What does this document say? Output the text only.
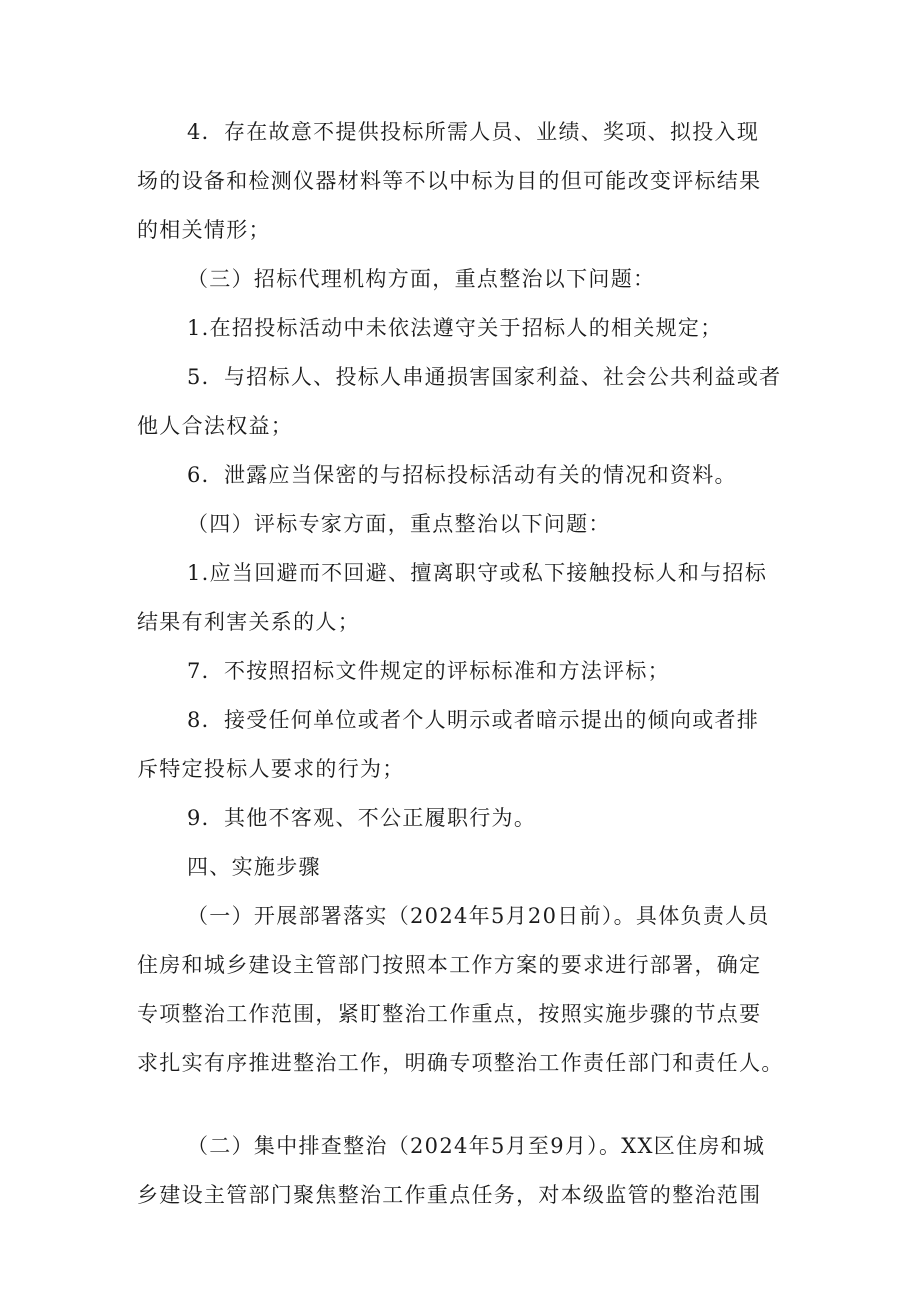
4．存在故意不提供投标所需人员、业绩、奖项、拟投入现
场的设备和检测仪器材料等不以中标为目的但可能改变评标结果
的相关情形；
（三）招标代理机构方面，重点整治以下问题：
1.在招投标活动中未依法遵守关于招标人的相关规定；
5．与招标人、投标人串通损害国家利益、社会公共利益或者
他人合法权益；
6．泄露应当保密的与招标投标活动有关的情况和资料。
（四）评标专家方面，重点整治以下问题：
1.应当回避而不回避、擅离职守或私下接触投标人和与招标
结果有利害关系的人；
7．不按照招标文件规定的评标标准和方法评标；
8．接受任何单位或者个人明示或者暗示提出的倾向或者排
斥特定投标人要求的行为；
9．其他不客观、不公正履职行为。
四、实施步骤
（一）开展部署落实（2024年5月20日前）。具体负责人员
住房和城乡建设主管部门按照本工作方案的要求进行部署，确定
专项整治工作范围，紧盯整治工作重点，按照实施步骤的节点要
求扎实有序推进整治工作，明确专项整治工作责任部门和责任人。
（二）集中排查整治（2024年5月至9月）。XX区住房和城
乡建设主管部门聚焦整治工作重点任务，对本级监管的整治范围
